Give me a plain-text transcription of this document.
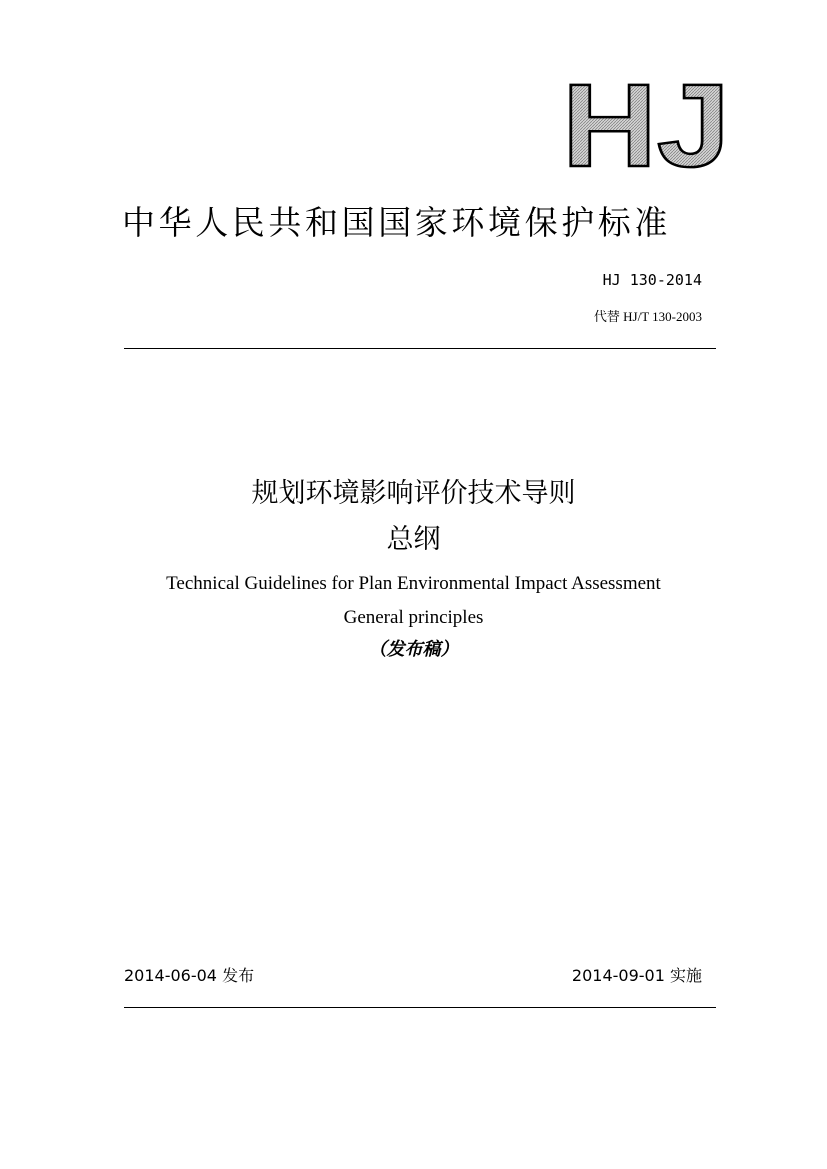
HJ
中华人民共和国国家环境保护标准
HJ 130-2014
代替 HJ/T 130-2003
规划环境影响评价技术导则
总纲
Technical Guidelines for Plan Environmental Impact Assessment
General principles
（发布稿）
2014-06-04 发布	2014-09-01 实施
